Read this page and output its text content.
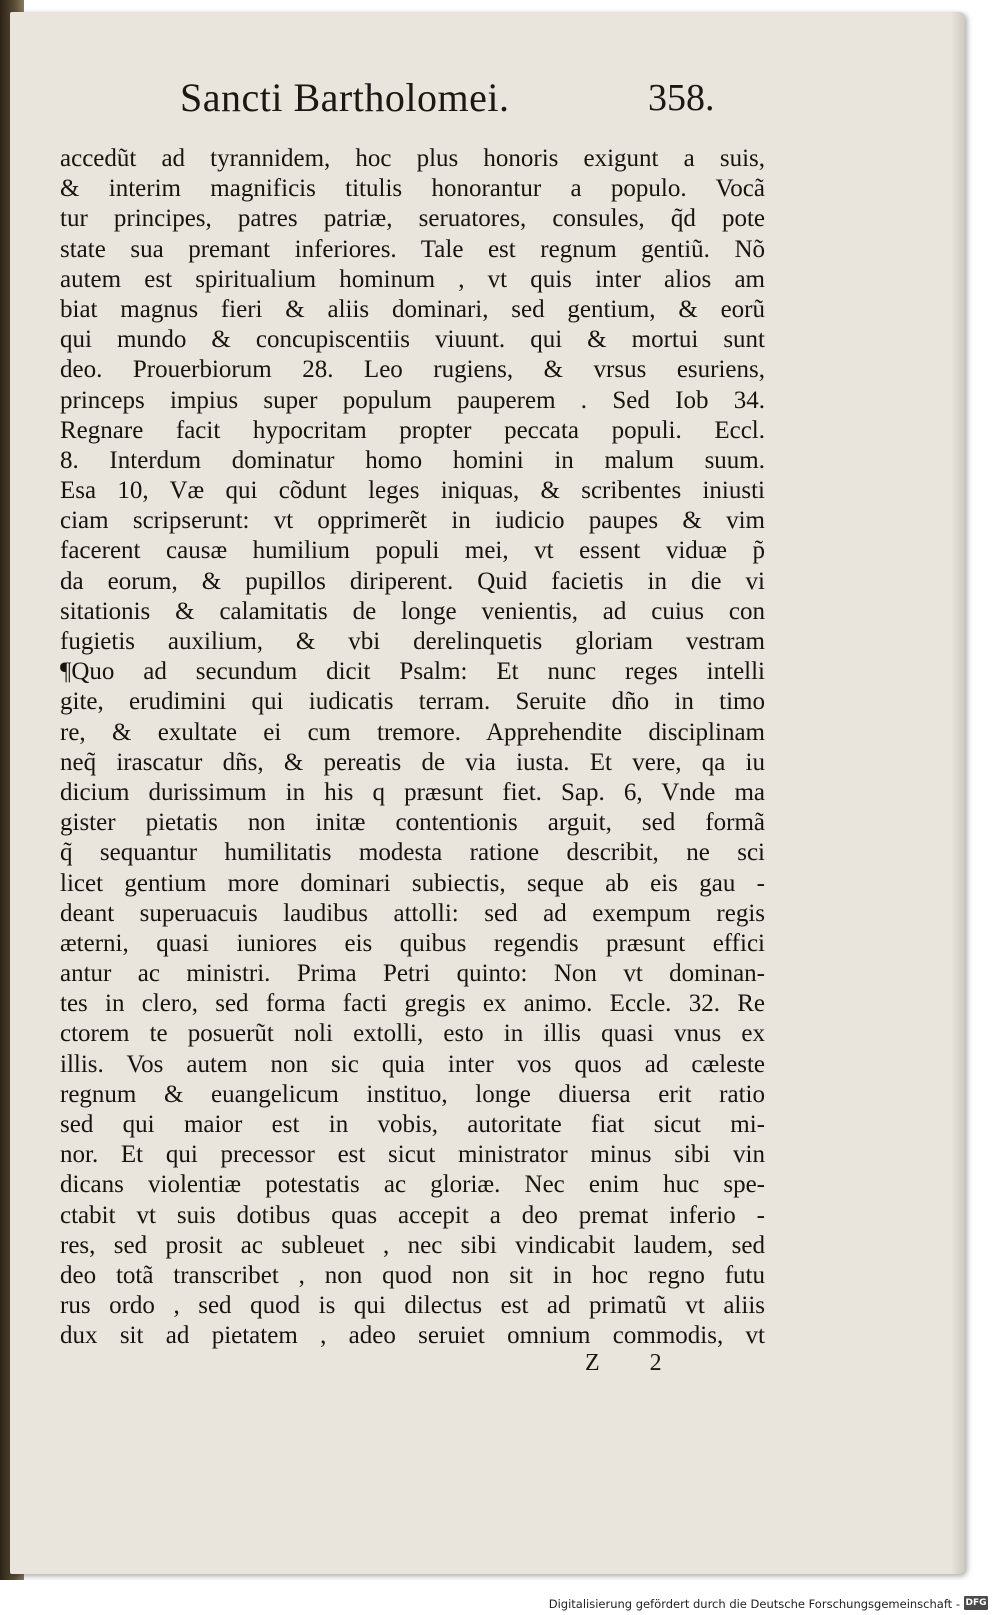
Sancti Bartholomei.	358.
accedũt ad tyrannidem, hoc plus honoris exigunt a suis,
& interim magnificis titulis honorantur a populo. Vocã
tur principes, patres patriæ, seruatores, consules, q̃d pote
state sua premant inferiores. Tale est regnum gentiũ. Nõ
autem est spiritualium hominum , vt quis inter alios am
biat magnus fieri & aliis dominari, sed gentium, & eorũ
qui mundo & concupiscentiis viuunt. qui & mortui sunt
deo. Prouerbiorum 28. Leo rugiens, & vrsus esuriens,
princeps impius super populum pauperem . Sed Iob 34.
Regnare facit hypocritam propter peccata populi. Eccl.
8. Interdum dominatur homo homini in malum suum.
Esa 10, Væ qui cõdunt leges iniquas, & scribentes iniusti
ciam scripserunt: vt opprimerẽt in iudicio paupes & vim
facerent causæ humilium populi mei, vt essent viduæ p̃
da eorum, & pupillos diriperent. Quid facietis in die vi
sitationis & calamitatis de longe venientis, ad cuius con
fugietis auxilium, & vbi derelinquetis gloriam vestram
¶Quo ad secundum dicit Psalm: Et nunc reges intelli
gite, erudimini qui iudicatis terram. Seruite dño in timo
re, & exultate ei cum tremore. Apprehendite disciplinam
neq̃ irascatur dñs, & pereatis de via iusta. Et vere, qa iu
dicium durissimum in his q præsunt fiet. Sap. 6, Vnde ma
gister pietatis non initæ contentionis arguit, sed formã
q̃ sequantur humilitatis modesta ratione describit, ne sci
licet gentium more dominari subiectis, seque ab eis gau -
deant superuacuis laudibus attolli: sed ad exempum regis
æterni, quasi iuniores eis quibus regendis præsunt effici
antur ac ministri. Prima Petri quinto: Non vt dominan-
tes in clero, sed forma facti gregis ex animo. Eccle. 32. Re
ctorem te posuerũt noli extolli, esto in illis quasi vnus ex
illis. Vos autem non sic quia inter vos quos ad cæleste
regnum & euangelicum instituo, longe diuersa erit ratio
sed qui maior est in vobis, autoritate fiat sicut mi-
nor. Et qui precessor est sicut ministrator minus sibi vin
dicans violentiæ potestatis ac gloriæ. Nec enim huc spe-
ctabit vt suis dotibus quas accepit a deo premat inferio -
res, sed prosit ac subleuet , nec sibi vindicabit laudem, sed
deo totã transcribet , non quod non sit in hoc regno futu
rus ordo , sed quod is qui dilectus est ad primatũ vt aliis
dux sit ad pietatem , adeo seruiet omnium commodis, vt
Z 2
Digitalisierung gefördert durch die Deutsche Forschungsgemeinschaft - DFG
